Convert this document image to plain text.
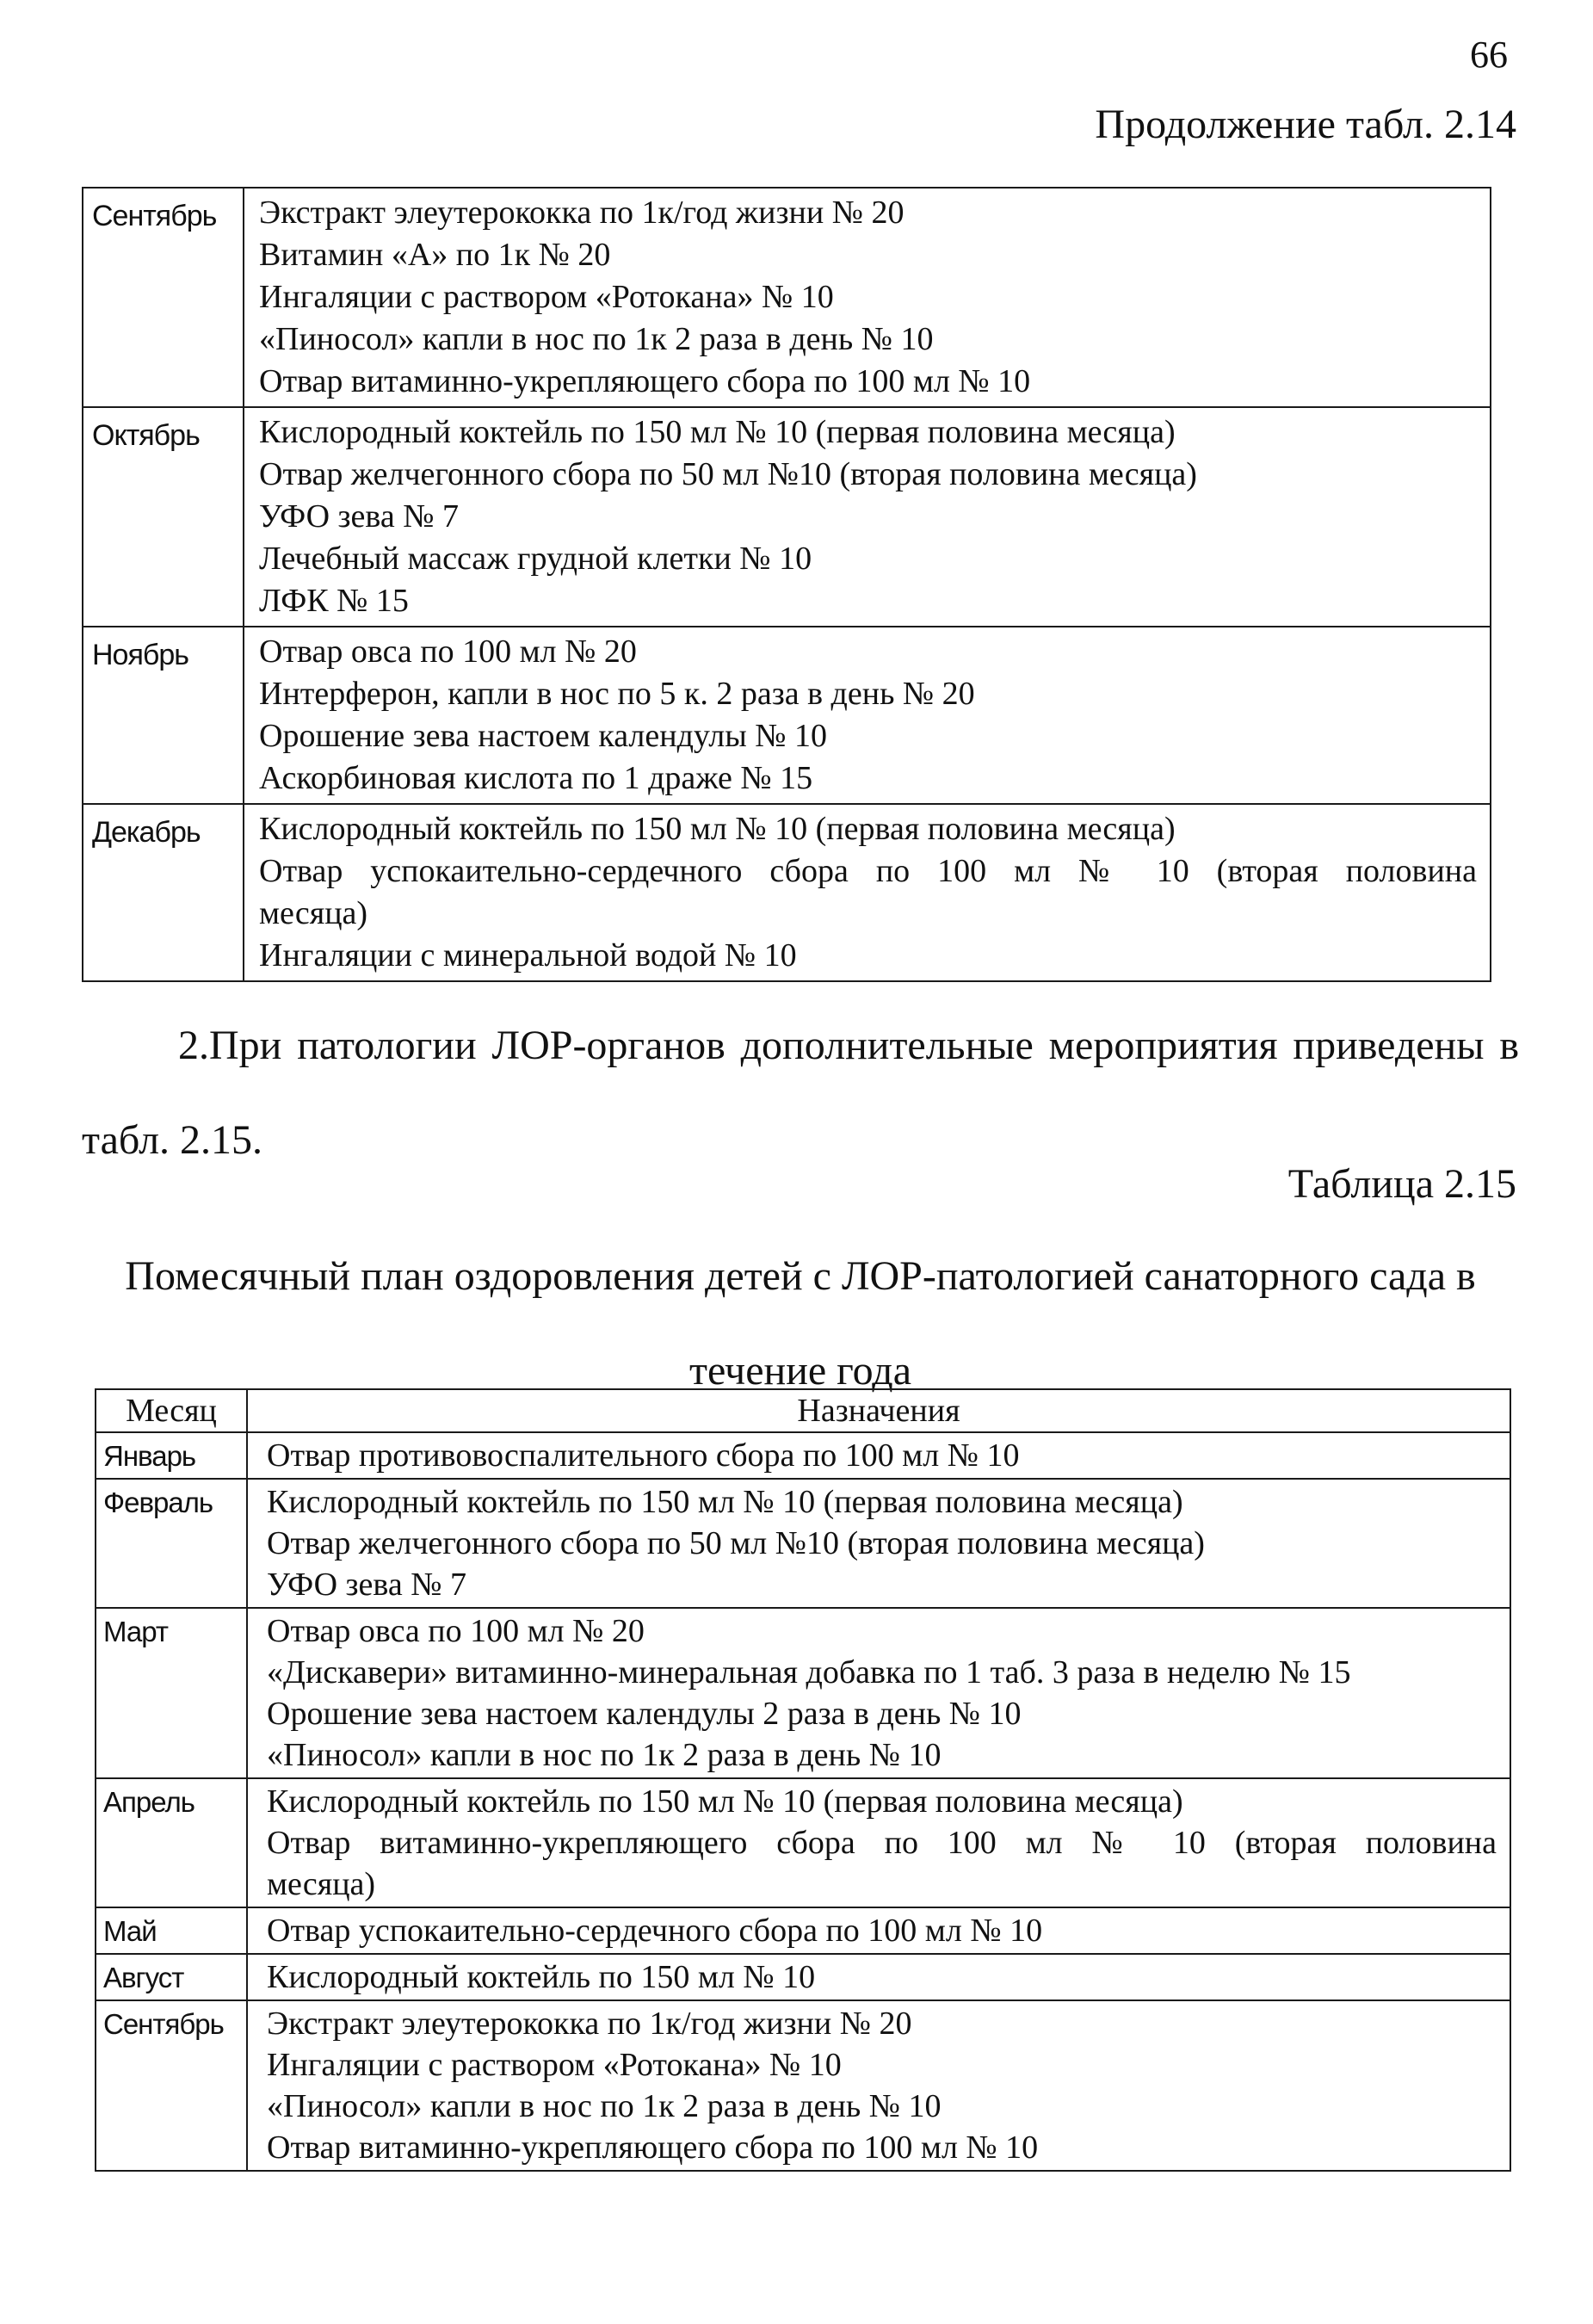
66
Продолжение табл. 2.14
Сентябрь	Экстракт элеутерококка по 1к/год жизни № 20
Витамин «А» по 1к № 20
Ингаляции с раствором «Ротокана» № 10
«Пиносол» капли в нос по 1к 2 раза в день № 10
Отвар витаминно-укрепляющего сбора по 100 мл № 10

Октябрь	Кислородный коктейль по 150 мл № 10 (первая половина месяца)
Отвар желчегонного сбора по 50 мл №10 (вторая половина месяца)
УФО зева № 7
Лечебный массаж грудной клетки № 10
ЛФК № 15

Ноябрь	Отвар овса по 100 мл № 20
Интерферон, капли в нос по 5 к. 2 раза в день № 20
Орошение зева настоем календулы № 10
Аскорбиновая кислота по 1 драже № 15

Декабрь	Кислородный коктейль по 150 мл № 10 (первая половина месяца)
Отвар успокаительно-сердечного сбора по 100 мл № 10 (вторая половина
месяца)
Ингаляции с минеральной водой № 10
2.При патологии ЛОР-органов дополнительные мероприятия приведены в
табл. 2.15.
Таблица 2.15
Помесячный план оздоровления детей с ЛОР-патологией санаторного сада в
течение года
Месяц	Назначения
Январь	Отвар противовоспалительного сбора по 100 мл № 10

Февраль	Кислородный коктейль по 150 мл № 10 (первая половина месяца)
Отвар желчегонного сбора по 50 мл №10 (вторая половина месяца)
УФО зева № 7

Март	Отвар овса по 100 мл № 20
«Дискавери» витаминно-минеральная добавка по 1 таб. 3 раза в неделю № 15
Орошение зева настоем календулы 2 раза в день № 10
«Пиносол» капли в нос по 1к 2 раза в день № 10

Апрель	Кислородный коктейль по 150 мл № 10 (первая половина месяца)
Отвар витаминно-укрепляющего сбора по 100 мл № 10 (вторая половина
месяца)

Май	Отвар успокаительно-сердечного сбора по 100 мл № 10

Август	Кислородный коктейль по 150 мл № 10

Сентябрь	Экстракт элеутерококка по 1к/год жизни № 20
Ингаляции с раствором «Ротокана» № 10
«Пиносол» капли в нос по 1к 2 раза в день № 10
Отвар витаминно-укрепляющего сбора по 100 мл № 10
